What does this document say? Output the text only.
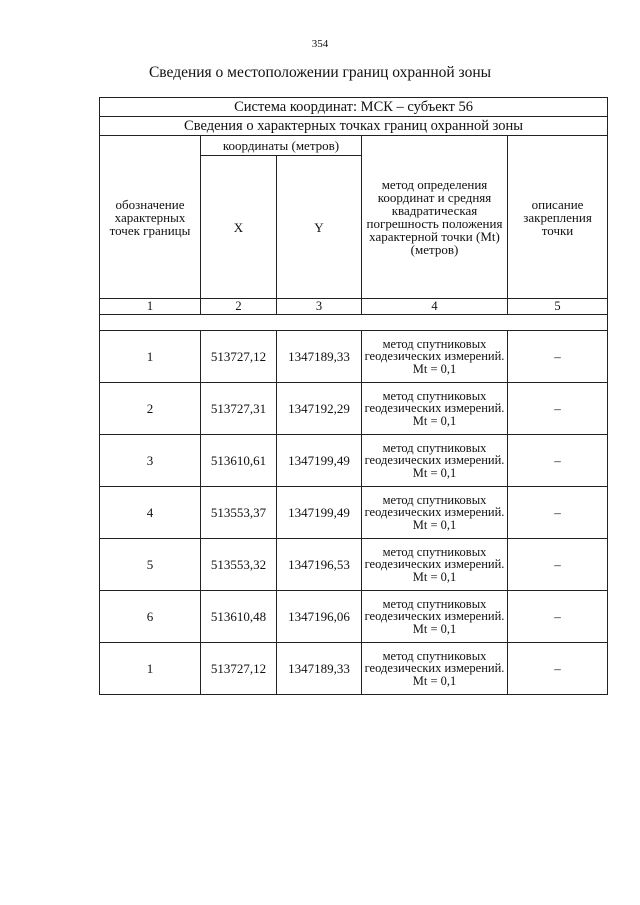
354
Сведения о местоположении границ охранной зоны
Система координат: МСК – субъект 56				
Сведения о характерных точках границ охранной зоны				
обозначение характерных точек границы	координаты (метров)		метод определения координат и средняя квадратическая погрешность положения характерной точки (Mt) (метров)	описание закрепления точки
	X	Y		
1	2	3	4	5

1	513727,12	1347189,33	метод спутниковых геодезических измерений. Mt = 0,1	–
2	513727,31	1347192,29	метод спутниковых геодезических измерений. Mt = 0,1	–
3	513610,61	1347199,49	метод спутниковых геодезических измерений. Mt = 0,1	–
4	513553,37	1347199,49	метод спутниковых геодезических измерений. Mt = 0,1	–
5	513553,32	1347196,53	метод спутниковых геодезических измерений. Mt = 0,1	–
6	513610,48	1347196,06	метод спутниковых геодезических измерений. Mt = 0,1	–
1	513727,12	1347189,33	метод спутниковых геодезических измерений. Mt = 0,1	–
